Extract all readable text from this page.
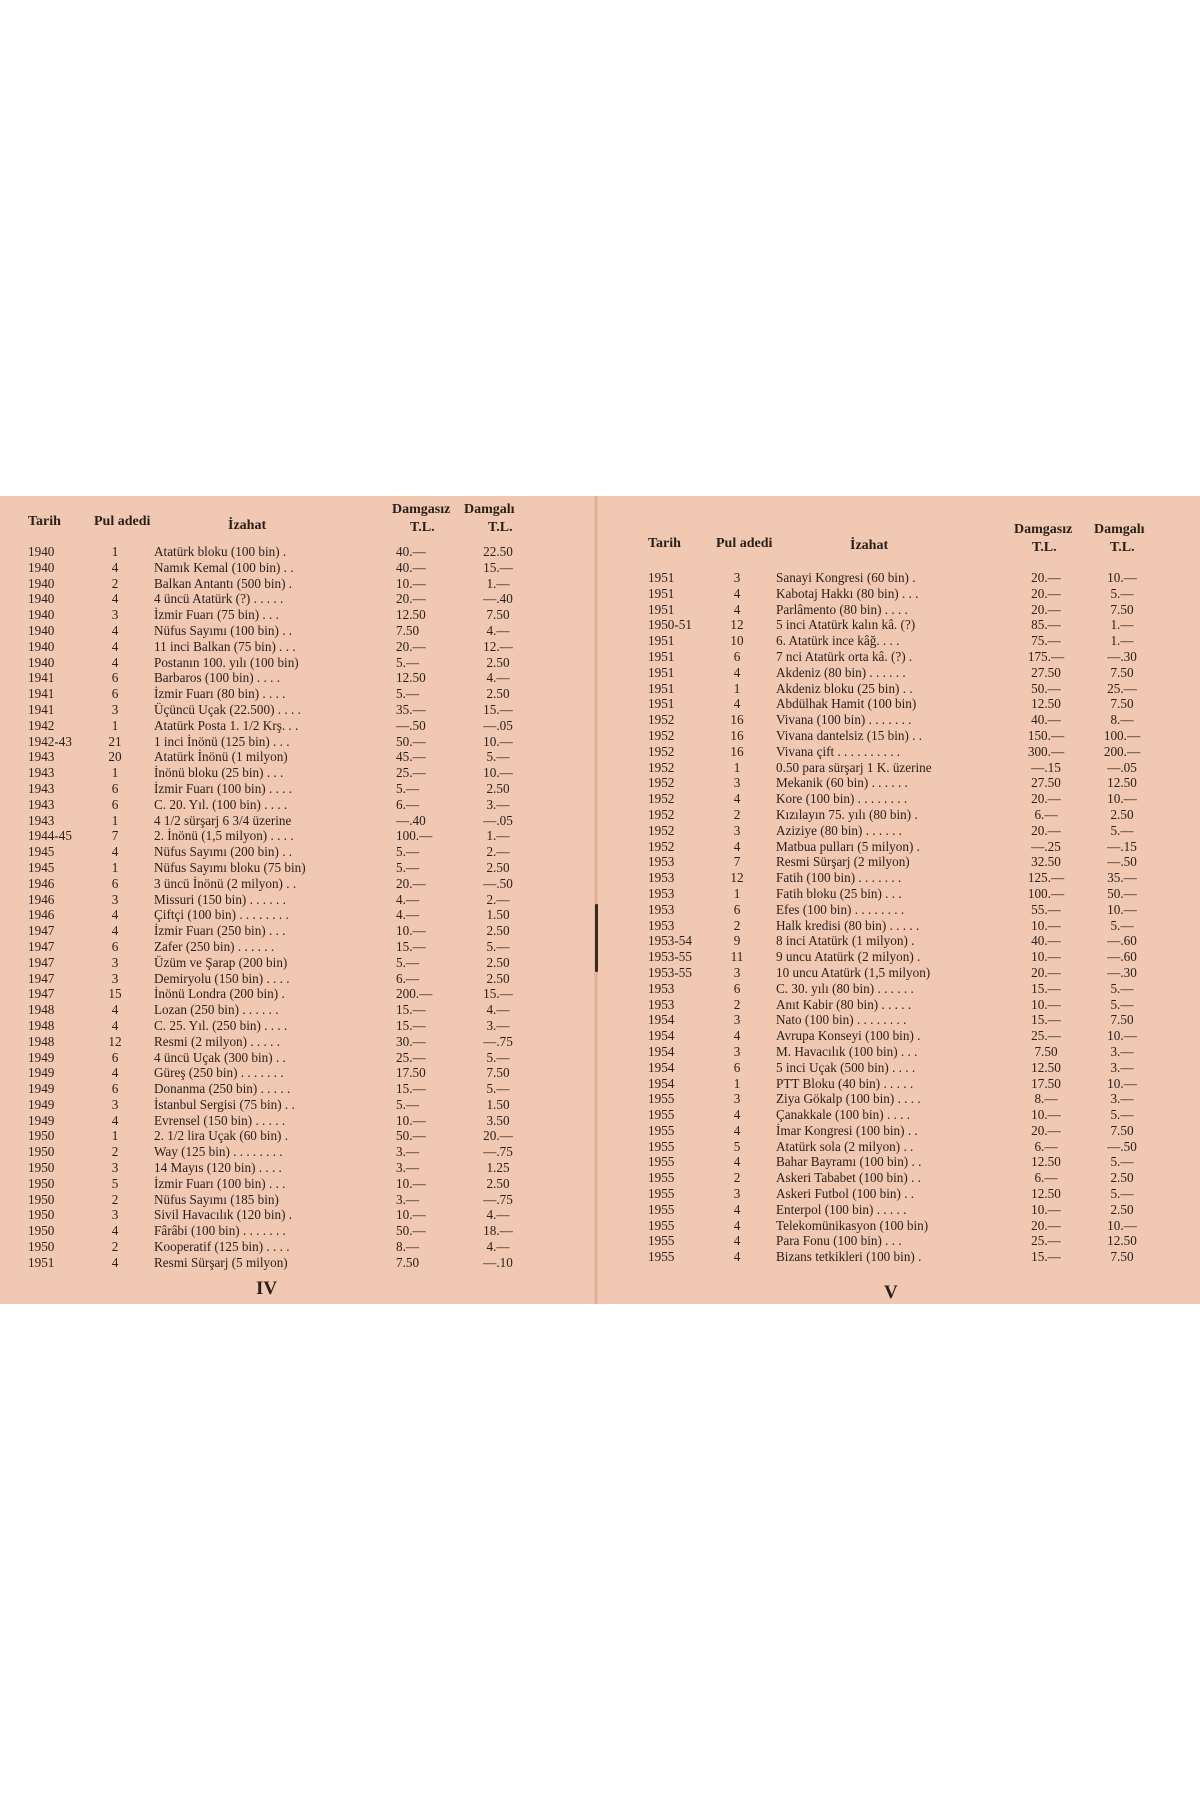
Tarih Pul adedi	İzahat
Damgasız Damgalı
T.L.	T.L.
1940	1	Atatürk bloku (100 bin) .	40.—	22.50
1940	4	Namık Kemal (100 bin) . .	40.—	15.—
1940	2	Balkan Antantı (500 bin) .	10.—	1.—
1940	4	4 üncü Atatürk (?) . . . . .	20.—	—.40
1940	3	İzmir Fuarı (75 bin) . . .	12.50	7.50
1940	4	Nüfus Sayımı (100 bin) . .	7.50	4.—
1940	4	11 inci Balkan (75 bin) . . .	20.—	12.—
1940	4	Postanın 100. yılı (100 bin)	5.—	2.50
1941	6	Barbaros (100 bin) . . . .	12.50	4.—
1941	6	İzmir Fuarı (80 bin) . . . .	5.—	2.50
1941	3	Üçüncü Uçak (22.500) . . . .	35.—	15.—
1942	1	Atatürk Posta 1. 1/2 Krş. . .	—.50	—.05
1942-43	21	1 inci İnönü (125 bin) . . .	50.—	10.—
1943	20	Atatürk İnönü (1 milyon)	45.—	5.—
1943	1	İnönü bloku (25 bin) . . .	25.—	10.—
1943	6	İzmir Fuarı (100 bin) . . . .	5.—	2.50
1943	6	C. 20. Yıl. (100 bin) . . . .	6.—	3.—
1943	1	4 1/2 sürşarj 6 3/4 üzerine	—.40	—.05
1944-45	7	2. İnönü (1,5 milyon) . . . .	100.—	1.—
1945	4	Nüfus Sayımı (200 bin) . .	5.—	2.—
1945	1	Nüfus Sayımı bloku (75 bin)	5.—	2.50
1946	6	3 üncü İnönü (2 milyon) . .	20.—	—.50
1946	3	Missuri (150 bin) . . . . . .	4.—	2.—
1946	4	Çiftçi (100 bin) . . . . . . . .	4.—	1.50
1947	4	İzmir Fuarı (250 bin) . . .	10.—	2.50
1947	6	Zafer (250 bin) . . . . . .	15.—	5.—
1947	3	Üzüm ve Şarap (200 bin)	5.—	2.50
1947	3	Demiryolu (150 bin) . . . .	6.—	2.50
1947	15	İnönü Londra (200 bin) .	200.—	15.—
1948	4	Lozan (250 bin) . . . . . .	15.—	4.—
1948	4	C. 25. Yıl. (250 bin) . . . .	15.—	3.—
1948	12	Resmi (2 milyon) . . . . .	30.—	—.75
1949	6	4 üncü Uçak (300 bin) . .	25.—	5.—
1949	4	Güreş (250 bin) . . . . . . .	17.50	7.50
1949	6	Donanma (250 bin) . . . . .	15.—	5.—
1949	3	İstanbul Sergisi (75 bin) . .	5.—	1.50
1949	4	Evrensel (150 bin) . . . . .	10.—	3.50
1950	1	2. 1/2 lira Uçak (60 bin) .	50.—	20.—
1950	2	Way (125 bin) . . . . . . . .	3.—	—.75
1950	3	14 Mayıs (120 bin) . . . .	3.—	1.25
1950	5	İzmir Fuarı (100 bin) . . .	10.—	2.50
1950	2	Nüfus Sayımı (185 bin)	3.—	—.75
1950	3	Sivil Havacılık (120 bin) .	10.—	4.—
1950	4	Fârâbi (100 bin) . . . . . . .	50.—	18.—
1950	2	Kooperatif (125 bin) . . . .	8.—	4.—
1951	4	Resmi Sürşarj (5 milyon)	7.50	—.10
IV
Tarih	Pul adedi	İzahat
Damgasız Damgalı
T.L.	T.L.
1951	3	Sanayi Kongresi (60 bin) .	20.—	10.—
1951	4	Kabotaj Hakkı (80 bin) . . .	20.—	5.—
1951	4	Parlâmento (80 bin) . . . .	20.—	7.50
1950-51	12	5 inci Atatürk kalın kâ. (?)	85.—	1.—
1951	10	6. Atatürk ince kâğ. . . .	75.—	1.—
1951	6	7 nci Atatürk orta kâ. (?) .	175.—	—.30
1951	4	Akdeniz (80 bin) . . . . . .	27.50	7.50
1951	1	Akdeniz bloku (25 bin) . .	50.—	25.—
1951	4	Abdülhak Hamit (100 bin)	12.50	7.50
1952	16	Vivana (100 bin) . . . . . . .	40.—	8.—
1952	16	Vivana dantelsiz (15 bin) . .	150.—	100.—
1952	16	Vivana çift . . . . . . . . . .	300.—	200.—
1952	1	0.50 para sürşarj 1 K. üzerine	—.15	—.05
1952	3	Mekanik (60 bin) . . . . . .	27.50	12.50
1952	4	Kore (100 bin) . . . . . . . .	20.—	10.—
1952	2	Kızılayın 75. yılı (80 bin) .	6.—	2.50
1952	3	Aziziye (80 bin) . . . . . .	20.—	5.—
1952	4	Matbua pulları (5 milyon) .	—.25	—.15
1953	7	Resmi Sürşarj (2 milyon)	32.50	—.50
1953	12	Fatih (100 bin) . . . . . . .	125.—	35.—
1953	1	Fatih bloku (25 bin) . . .	100.—	50.—
1953	6	Efes (100 bin) . . . . . . . .	55.—	10.—
1953	2	Halk kredisi (80 bin) . . . . .	10.—	5.—
1953-54	9	8 inci Atatürk (1 milyon) .	40.—	—.60
1953-55	11	9 uncu Atatürk (2 milyon) .	10.—	—.60
1953-55	3	10 uncu Atatürk (1,5 milyon)	20.—	—.30
1953	6	C. 30. yılı (80 bin) . . . . . .	15.—	5.—
1953	2	Anıt Kabir (80 bin) . . . . .	10.—	5.—
1954	3	Nato (100 bin) . . . . . . . .	15.—	7.50
1954	4	Avrupa Konseyi (100 bin) .	25.—	10.—
1954	3	M. Havacılık (100 bin) . . .	7.50	3.—
1954	6	5 inci Uçak (500 bin) . . . .	12.50	3.—
1954	1	PTT Bloku (40 bin) . . . . .	17.50	10.—
1955	3	Ziya Gökalp (100 bin) . . . .	8.—	3.—
1955	4	Çanakkale (100 bin) . . . .	10.—	5.—
1955	4	İmar Kongresi (100 bin) . .	20.—	7.50
1955	5	Atatürk sola (2 milyon) . .	6.—	—.50
1955	4	Bahar Bayramı (100 bin) . .	12.50	5.—
1955	2	Askeri Tababet (100 bin) . .	6.—	2.50
1955	3	Askeri Futbol (100 bin) . .	12.50	5.—
1955	4	Enterpol (100 bin) . . . . .	10.—	2.50
1955	4	Telekomünikasyon (100 bin)	20.—	10.—
1955	4	Para Fonu (100 bin) . . .	25.—	12.50
1955	4	Bizans tetkikleri (100 bin) .	15.—	7.50
V
